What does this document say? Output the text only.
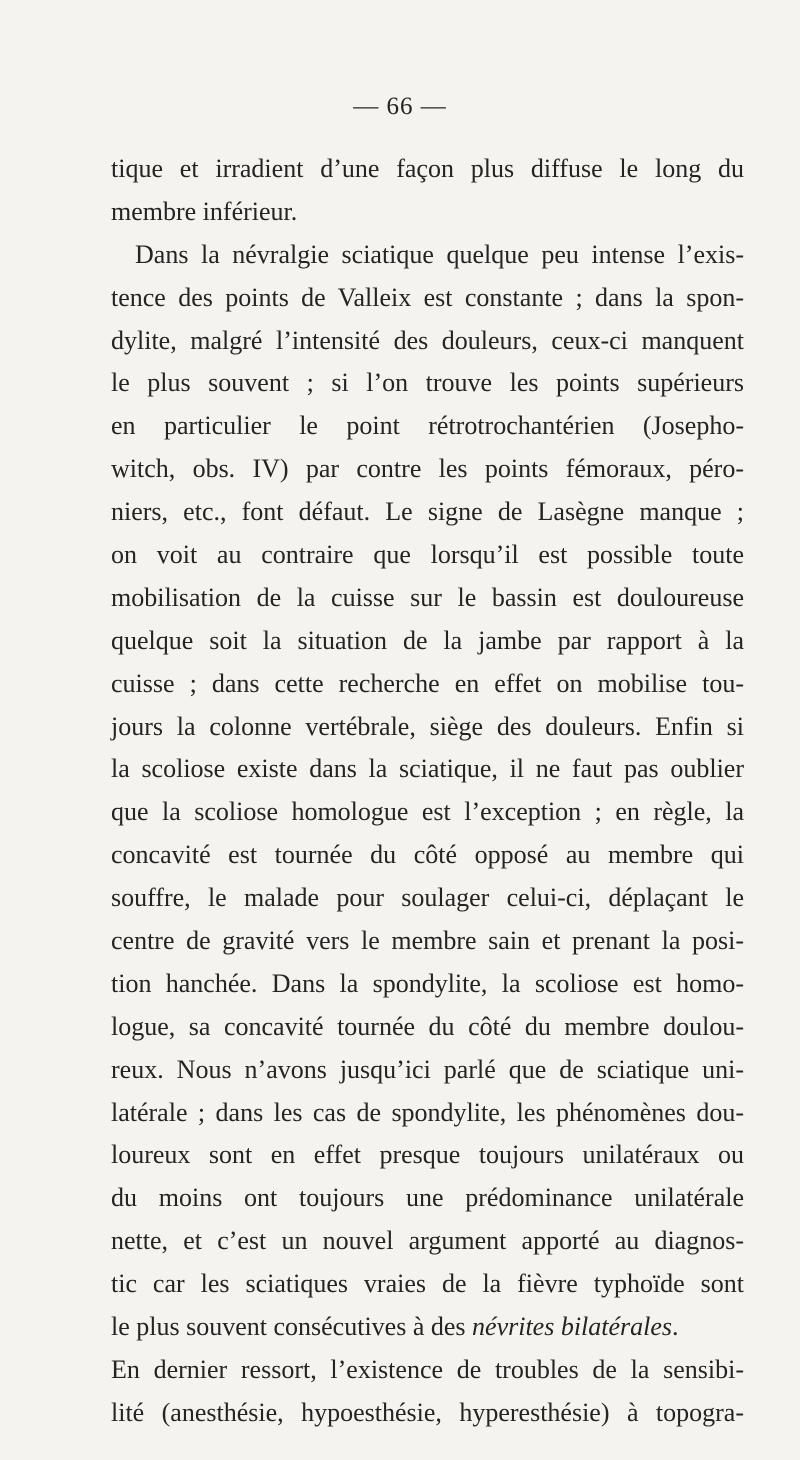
— 66 —
tique et irradient d’une façon plus diffuse le long du
membre inférieur.
Dans la névralgie sciatique quelque peu intense l’exis-
tence des points de Valleix est constante ; dans la spon-
dylite, malgré l’intensité des douleurs, ceux-ci manquent
le plus souvent ; si l’on trouve les points supérieurs
en particulier le point rétrotrochantérien (Josepho-
witch, obs. IV) par contre les points fémoraux, péro-
niers, etc., font défaut. Le signe de Lasègne manque ;
on voit au contraire que lorsqu’il est possible toute
mobilisation de la cuisse sur le bassin est douloureuse
quelque soit la situation de la jambe par rapport à la
cuisse ; dans cette recherche en effet on mobilise tou-
jours la colonne vertébrale, siège des douleurs. Enfin si
la scoliose existe dans la sciatique, il ne faut pas oublier
que la scoliose homologue est l’exception ; en règle, la
concavité est tournée du côté opposé au membre qui
souffre, le malade pour soulager celui-ci, déplaçant le
centre de gravité vers le membre sain et prenant la posi-
tion hanchée. Dans la spondylite, la scoliose est homo-
logue, sa concavité tournée du côté du membre doulou-
reux. Nous n’avons jusqu’ici parlé que de sciatique uni-
latérale ; dans les cas de spondylite, les phénomènes dou-
loureux sont en effet presque toujours unilatéraux ou
du moins ont toujours une prédominance unilatérale
nette, et c’est un nouvel argument apporté au diagnos-
tic car les sciatiques vraies de la fièvre typhoïde sont
le plus souvent consécutives à des névrites bilatérales.
En dernier ressort, l’existence de troubles de la sensibi-
lité (anesthésie, hypoesthésie, hyperesthésie) à topogra-
